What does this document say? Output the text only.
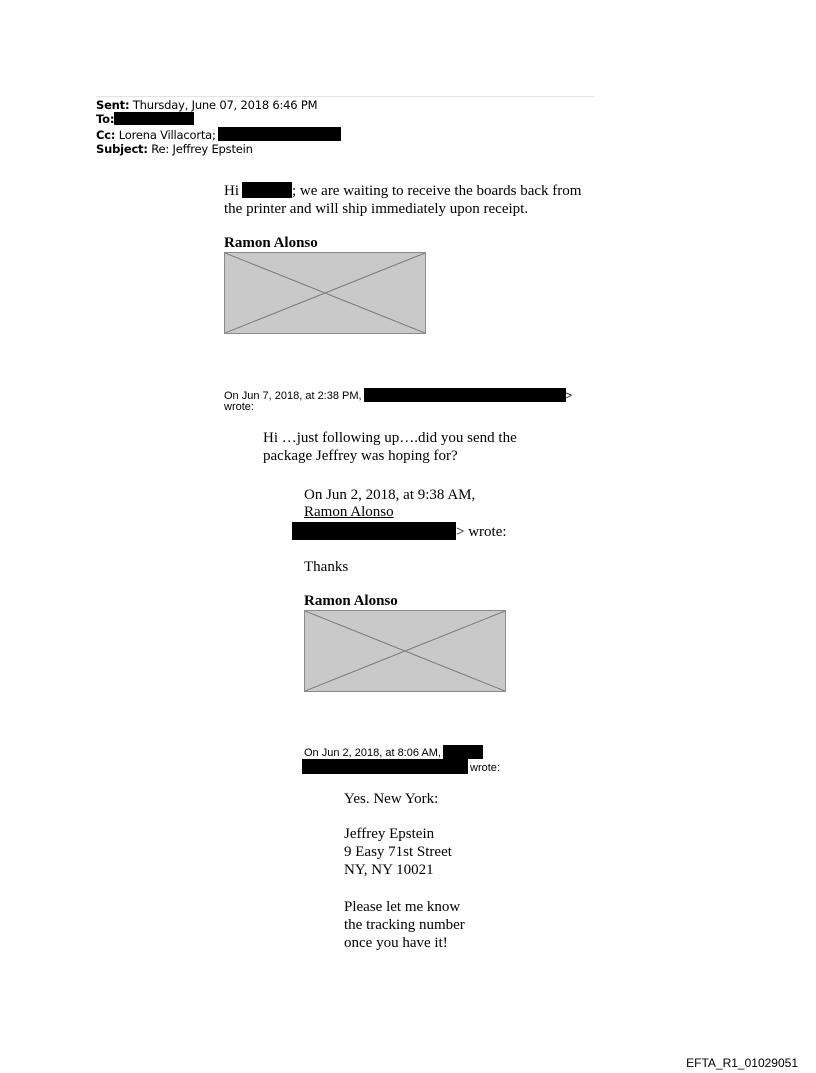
Sent: Thursday, June 07, 2018 6:46 PM
To:
Cc: Lorena Villacorta;
Subject: Re: Jeffrey Epstein
Hi	; we are waiting to receive the boards back from
the printer and will ship immediately upon receipt.
Ramon Alonso
On Jun 7, 2018, at 2:38 PM,	>
wrote:
Hi …just following up….did you send the
package Jeffrey was hoping for?
On Jun 2, 2018, at 9:38 AM,
Ramon Alonso
> wrote:
Thanks
Ramon Alonso
On Jun 2, 2018, at 8:06 AM,
wrote:
Yes. New York:
Jeffrey Epstein
9 Easy 71st Street
NY, NY 10021
Please let me know
the tracking number
once you have it!
EFTA_R1_01029051
